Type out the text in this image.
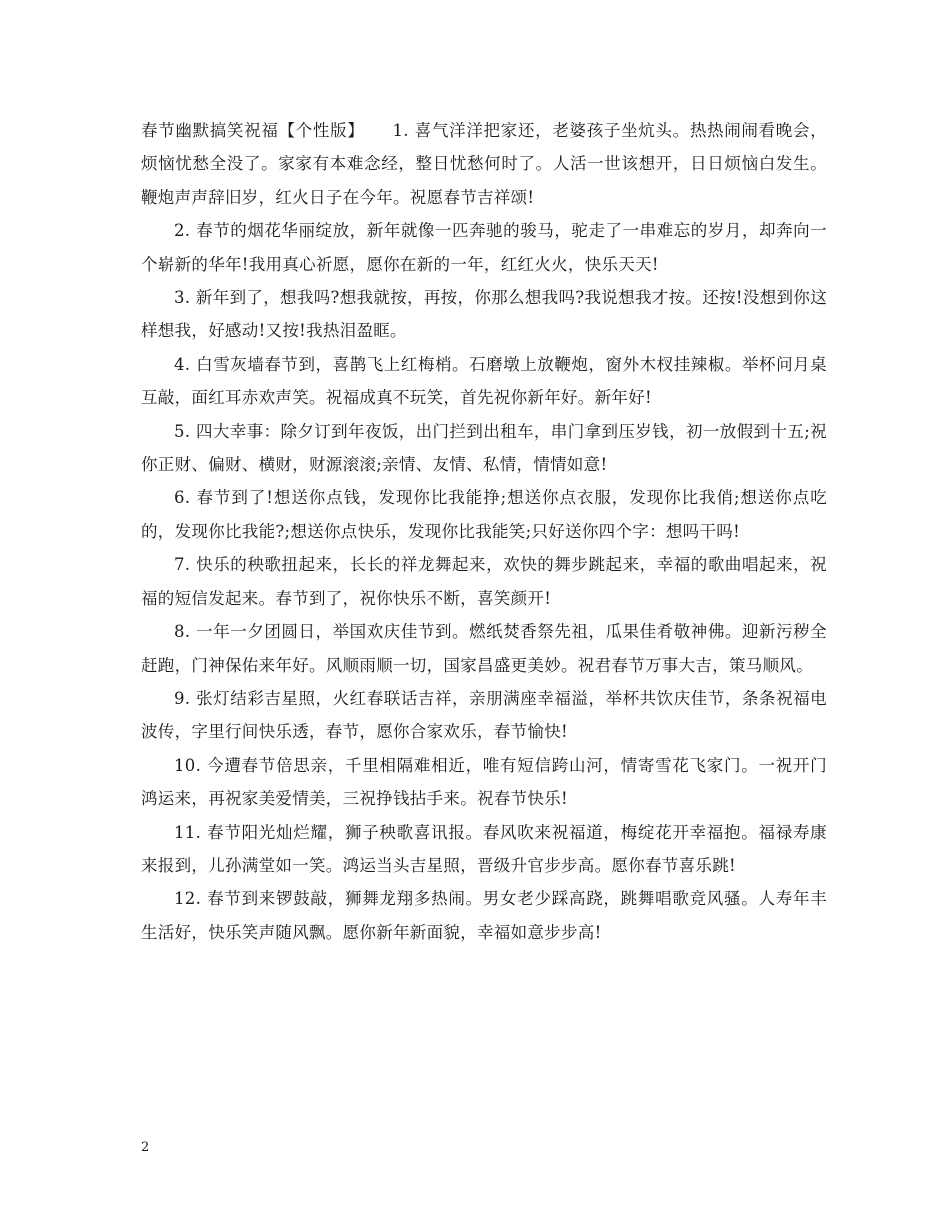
春节幽默搞笑祝福【个性版】 1. 喜气洋洋把家还，老婆孩子坐炕头。热热闹闹看晚会，烦恼忧愁全没了。家家有本难念经，整日忧愁何时了。人活一世该想开，日日烦恼白发生。鞭炮声声辞旧岁，红火日子在今年。祝愿春节吉祥颂!

2. 春节的烟花华丽绽放，新年就像一匹奔驰的骏马，驼走了一串难忘的岁月，却奔向一个崭新的华年!我用真心祈愿，愿你在新的一年，红红火火，快乐天天!

3. 新年到了，想我吗?想我就按，再按，你那么想我吗?我说想我才按。还按!没想到你这样想我，好感动!又按!我热泪盈眶。

4. 白雪灰墙春节到，喜鹊飞上红梅梢。石磨墩上放鞭炮，窗外木杈挂辣椒。举杯问月桌互敲，面红耳赤欢声笑。祝福成真不玩笑，首先祝你新年好。新年好!

5. 四大幸事：除夕订到年夜饭，出门拦到出租车，串门拿到压岁钱，初一放假到十五;祝你正财、偏财、横财，财源滚滚;亲情、友情、私情，情情如意!

6. 春节到了!想送你点钱，发现你比我能挣;想送你点衣服，发现你比我俏;想送你点吃的，发现你比我能?;想送你点快乐，发现你比我能笑;只好送你四个字：想吗干吗!

7. 快乐的秧歌扭起来，长长的祥龙舞起来，欢快的舞步跳起来，幸福的歌曲唱起来，祝福的短信发起来。春节到了，祝你快乐不断，喜笑颜开!

8. 一年一夕团圆日，举国欢庆佳节到。燃纸焚香祭先祖，瓜果佳肴敬神佛。迎新污秽全赶跑，门神保佑来年好。风顺雨顺一切，国家昌盛更美妙。祝君春节万事大吉，策马顺风。

9. 张灯结彩吉星照，火红春联话吉祥，亲朋满座幸福溢，举杯共饮庆佳节，条条祝福电波传，字里行间快乐透，春节，愿你合家欢乐，春节愉快!

10. 今遭春节倍思亲，千里相隔难相近，唯有短信跨山河，情寄雪花飞家门。一祝开门鸿运来，再祝家美爱情美，三祝挣钱拈手来。祝春节快乐!

11. 春节阳光灿烂耀，狮子秧歌喜讯报。春风吹来祝福道，梅绽花开幸福抱。福禄寿康来报到，儿孙满堂如一笑。鸿运当头吉星照，晋级升官步步高。愿你春节喜乐跳!

12. 春节到来锣鼓敲，狮舞龙翔多热闹。男女老少踩高跷，跳舞唱歌竞风骚。人寿年丰生活好，快乐笑声随风飘。愿你新年新面貌，幸福如意步步高!

2
